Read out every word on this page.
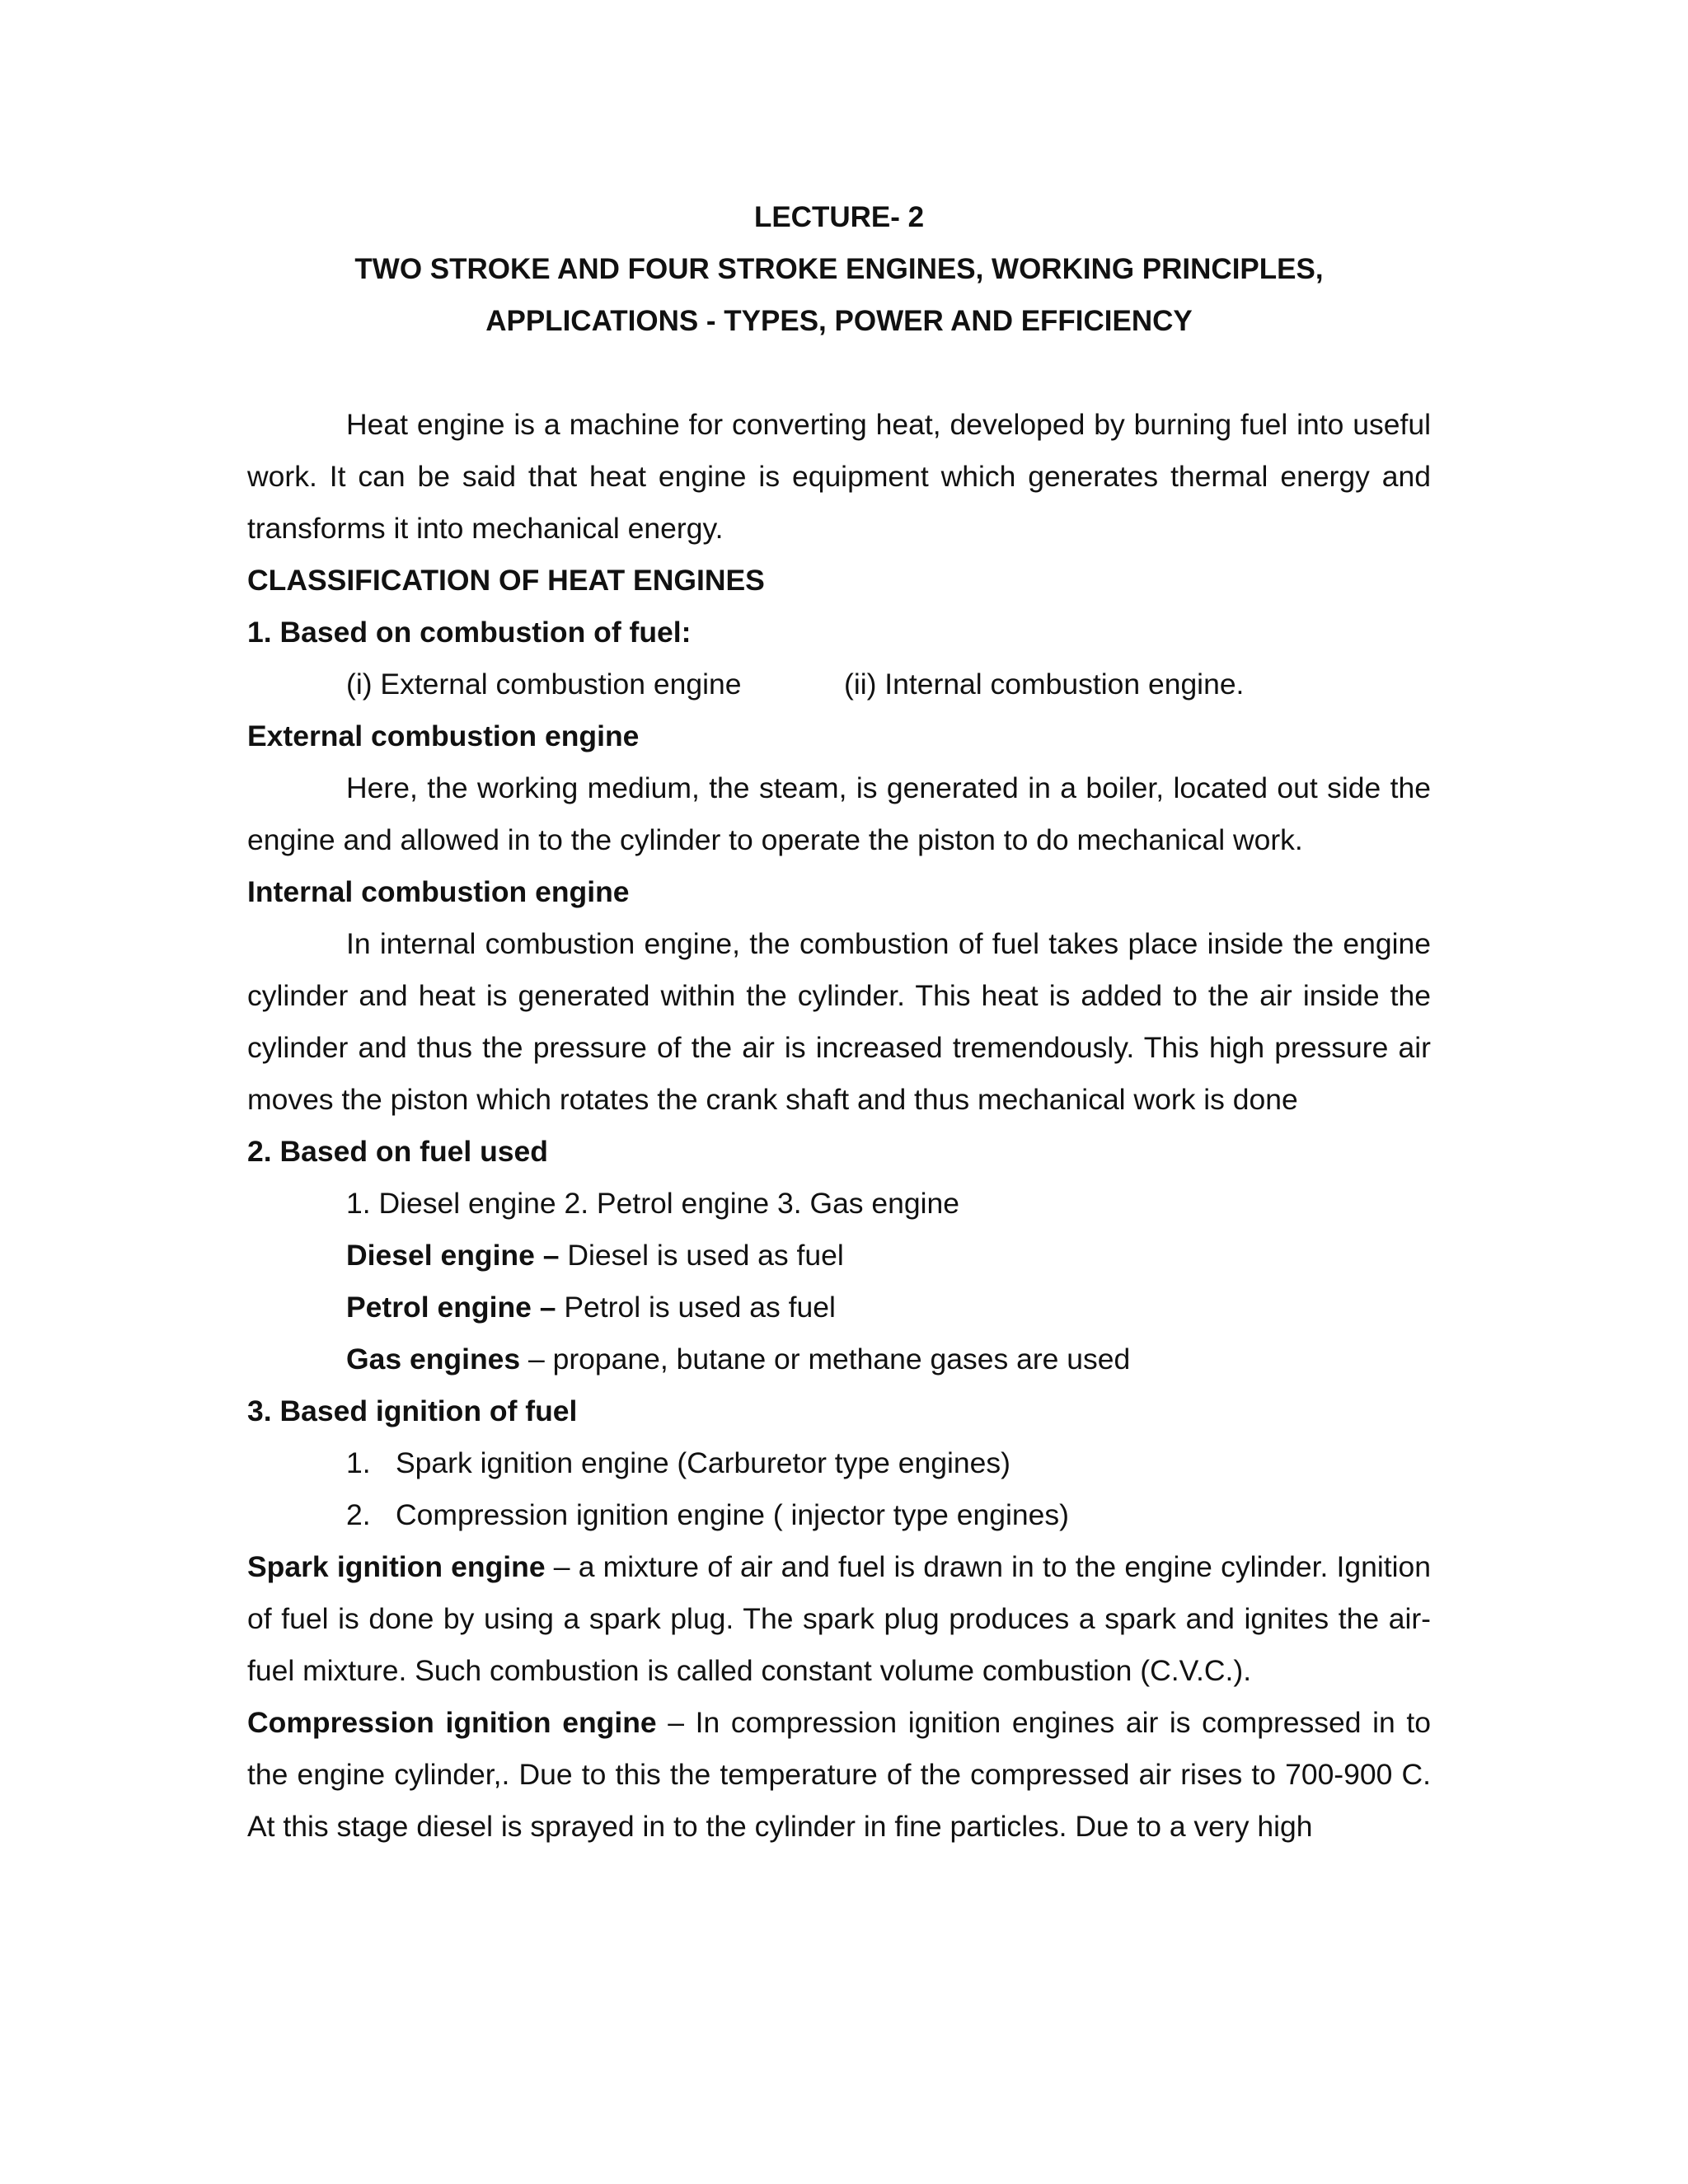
LECTURE- 2
TWO STROKE AND FOUR STROKE ENGINES, WORKING PRINCIPLES,
APPLICATIONS - TYPES, POWER AND EFFICIENCY

Heat engine is a machine for converting heat, developed by burning fuel into useful work. It can be said that heat engine is equipment which generates thermal energy and transforms it into mechanical energy.

CLASSIFICATION OF HEAT ENGINES

1. Based on combustion of fuel:

(i) External combustion engine	(ii) Internal combustion engine.

External combustion engine

Here, the working medium, the steam, is generated in a boiler, located out side the engine and allowed in to the cylinder to operate the piston to do mechanical work.

Internal combustion engine

In internal combustion engine, the combustion of fuel takes place inside the engine cylinder and heat is generated within the cylinder. This heat is added to the air inside the cylinder and thus the pressure of the air is increased tremendously. This high pressure air moves the piston which rotates the crank shaft and thus mechanical work is done

2. Based on fuel used

1. Diesel engine 2. Petrol engine 3. Gas engine

Diesel engine – Diesel is used as fuel

Petrol engine – Petrol is used as fuel

Gas engines – propane, butane or methane gases are used

3. Based ignition of fuel

1. Spark ignition engine (Carburetor type engines)

2. Compression ignition engine ( injector type engines)

Spark ignition engine – a mixture of air and fuel is drawn in to the engine cylinder. Ignition of fuel is done by using a spark plug. The spark plug produces a spark and ignites the air- fuel mixture. Such combustion is called constant volume combustion (C.V.C.).

Compression ignition engine – In compression ignition engines air is compressed in to the engine cylinder,. Due to this the temperature of the compressed air rises to 700-900 C. At this stage diesel is sprayed in to the cylinder in fine particles. Due to a very high
